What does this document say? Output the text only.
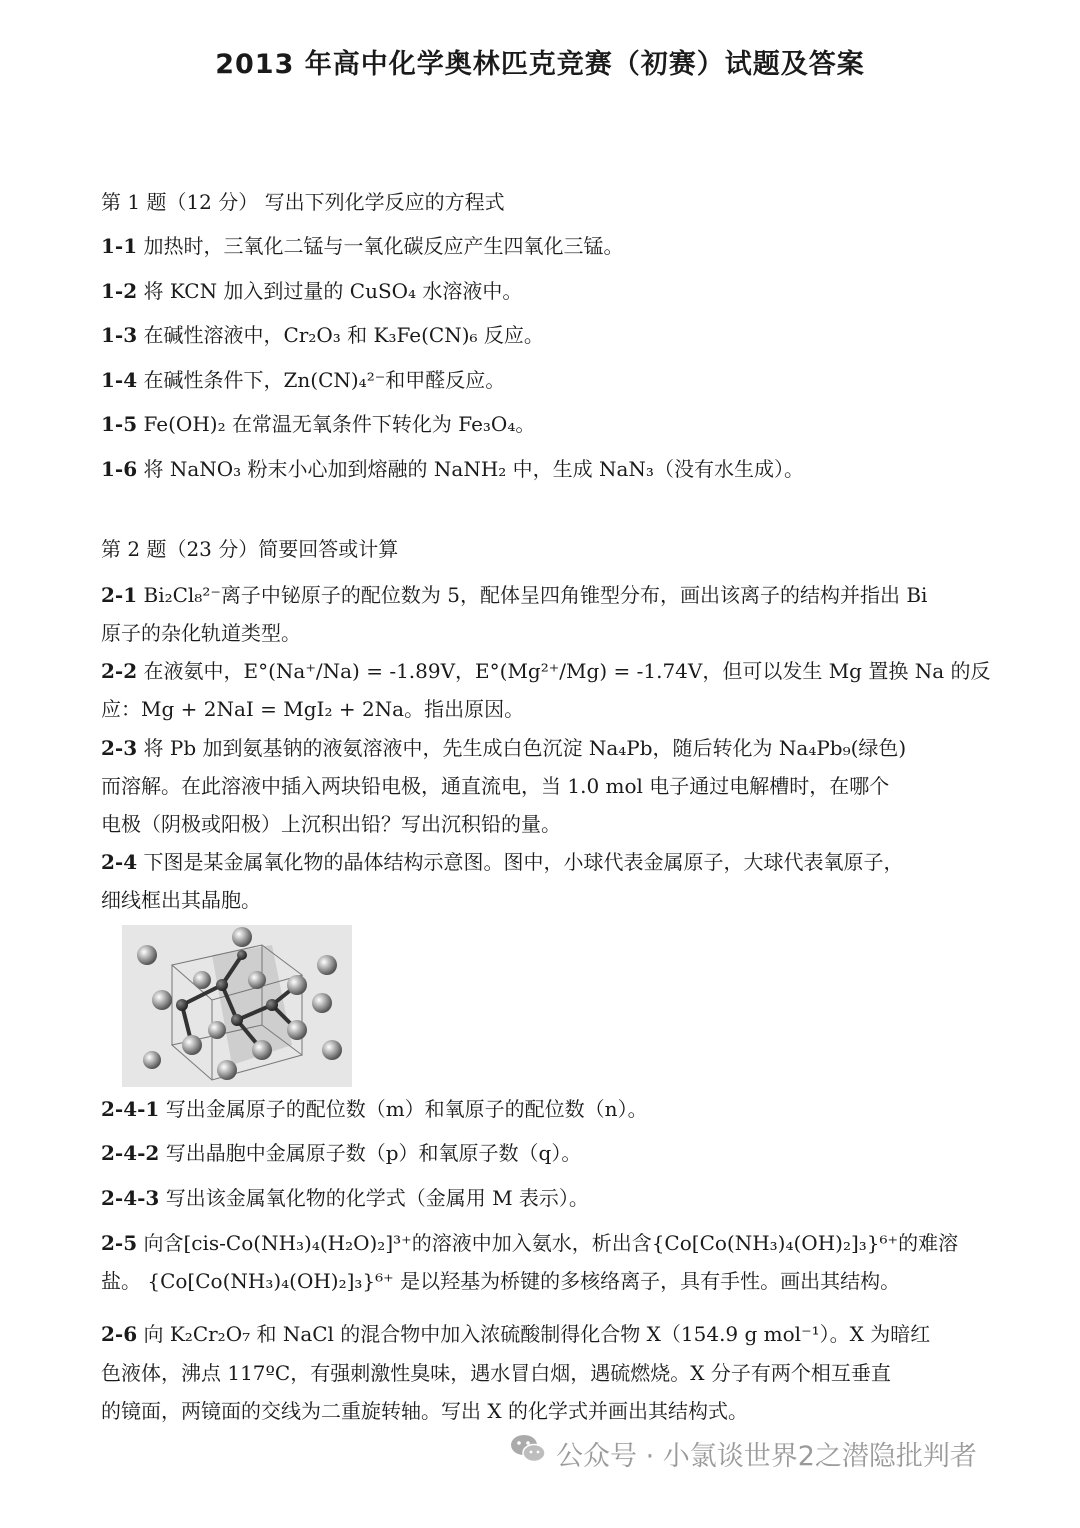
2013 年高中化学奥林匹克竞赛（初赛）试题及答案
第 1 题（12 分） 写出下列化学反应的方程式
1-1 加热时，三氧化二锰与一氧化碳反应产生四氧化三锰。
1-2 将 KCN 加入到过量的 CuSO₄ 水溶液中。
1-3 在碱性溶液中，Cr₂O₃ 和 K₃Fe(CN)₆ 反应。
1-4 在碱性条件下，Zn(CN)₄²⁻和甲醛反应。
1-5 Fe(OH)₂ 在常温无氧条件下转化为 Fe₃O₄。
1-6 将 NaNO₃ 粉末小心加到熔融的 NaNH₂ 中，生成 NaN₃（没有水生成）。
第 2 题（23 分）简要回答或计算
2-1 Bi₂Cl₈²⁻离子中铋原子的配位数为 5，配体呈四角锥型分布，画出该离子的结构并指出 Bi
原子的杂化轨道类型。
2-2 在液氨中，E°(Na⁺/Na) = -1.89V，E°(Mg²⁺/Mg) = -1.74V，但可以发生 Mg 置换 Na 的反
应：Mg + 2NaI = MgI₂ + 2Na。指出原因。
2-3 将 Pb 加到氨基钠的液氨溶液中，先生成白色沉淀 Na₄Pb，随后转化为 Na₄Pb₉(绿色)
而溶解。在此溶液中插入两块铅电极，通直流电，当 1.0 mol 电子通过电解槽时，在哪个
电极（阴极或阳极）上沉积出铅？写出沉积铅的量。
2-4 下图是某金属氧化物的晶体结构示意图。图中，小球代表金属原子，大球代表氧原子，
细线框出其晶胞。
2-4-1 写出金属原子的配位数（m）和氧原子的配位数（n）。
2-4-2 写出晶胞中金属原子数（p）和氧原子数（q）。
2-4-3 写出该金属氧化物的化学式（金属用 M 表示）。
2-5 向含[cis-Co(NH₃)₄(H₂O)₂]³⁺的溶液中加入氨水，析出含{Co[Co(NH₃)₄(OH)₂]₃}⁶⁺的难溶
盐。 {Co[Co(NH₃)₄(OH)₂]₃}⁶⁺ 是以羟基为桥键的多核络离子，具有手性。画出其结构。
2-6 向 K₂Cr₂O₇ 和 NaCl 的混合物中加入浓硫酸制得化合物 X（154.9 g mol⁻¹）。X 为暗红
色液体，沸点 117ºC，有强刺激性臭味，遇水冒白烟，遇硫燃烧。X 分子有两个相互垂直
的镜面，两镜面的交线为二重旋转轴。写出 X 的化学式并画出其结构式。
公众号 · 小氯谈世界2之潜隐批判者
